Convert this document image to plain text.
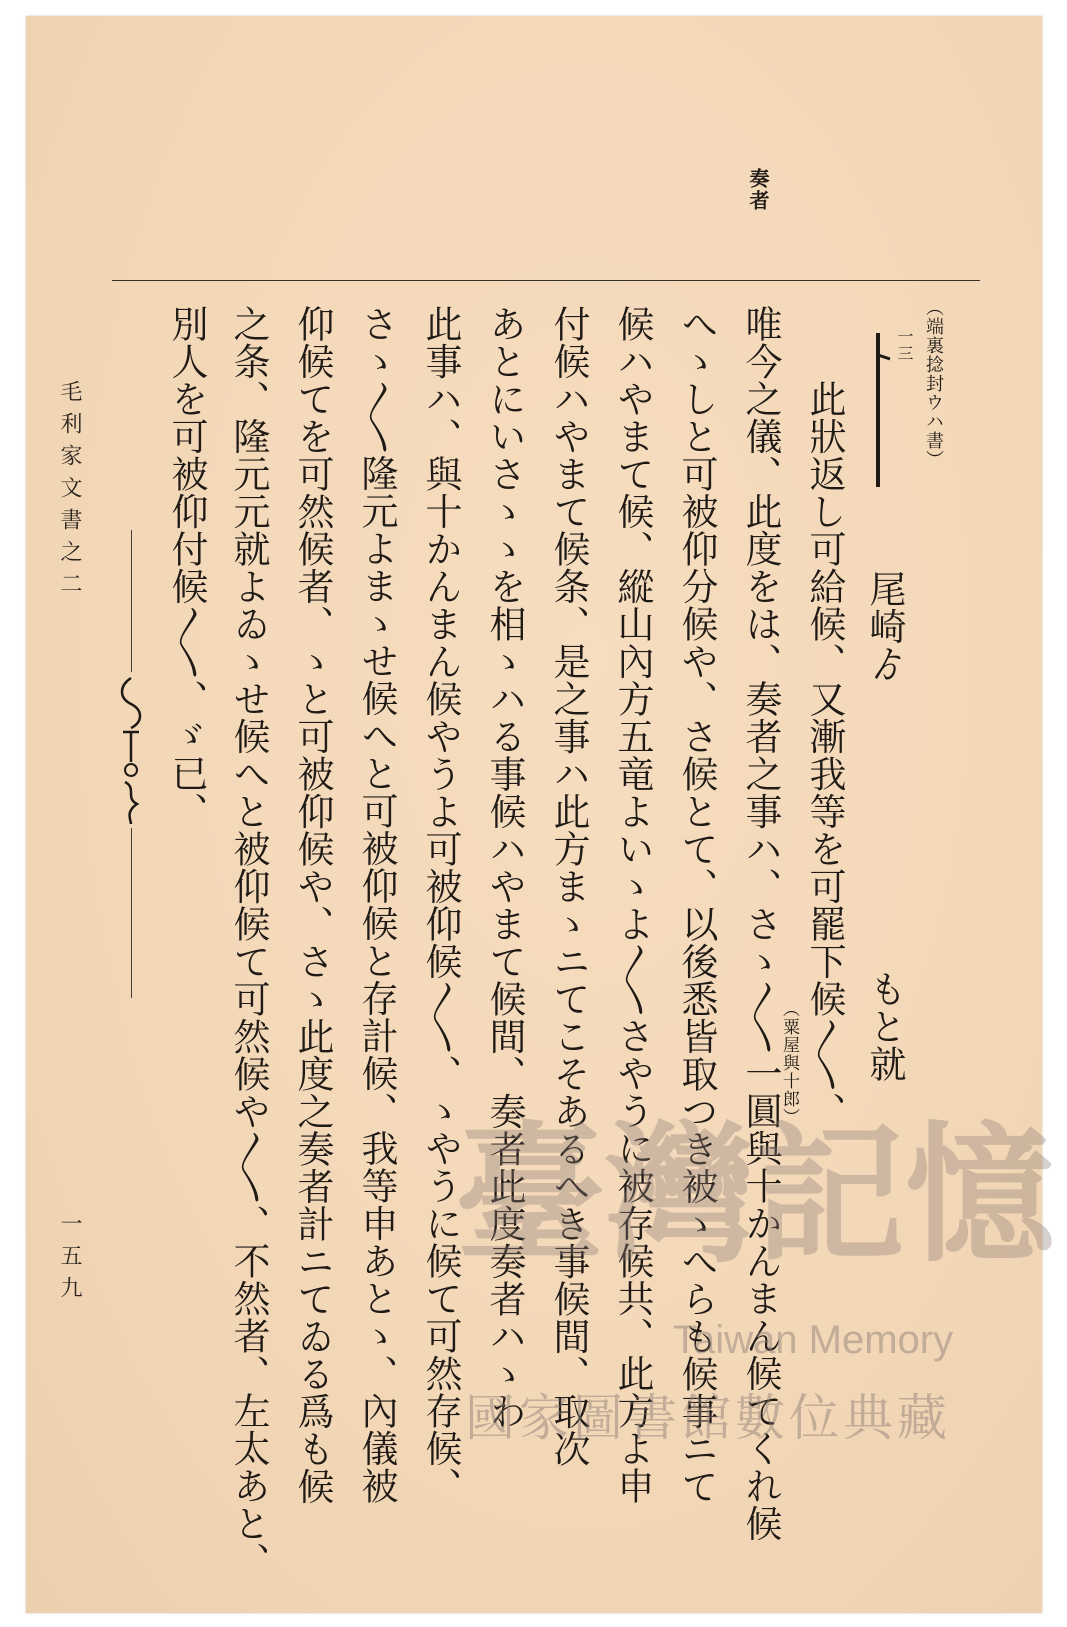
奏者
（端裏捻封ウハ書）
一三
尾崎ゟ
もと就
此狀返し可給候、又漸我等を可罷下候〳〵、
唯今之儀、此度をは、奏者之事ハ、さゝ〳〵一圓與十かんまん候てくれ候
（粟屋與十郎）
へゝしと可被仰分候や、さ候とて、以後悉皆取つき被ゝへらも候事ニて
候ハやまて候、縱山內方五竜よいゝよ〳〵さやうに被存候共、此方よ申
付候ハやまて候条、是之事ハ此方まゝニてこそあるへき事候間、取次
あとにいさゝゝを相ゝハる事候ハやまて候間、奏者此度奏者ハゝわ
此事ハ、與十かんまん候やうよ可被仰候〳〵、ゝやうに候て可然存候、
さゝ〳〵隆元よまゝせ候へと可被仰候と存計候、我等申あとゝ、內儀被
仰候てを可然候者、ゝと可被仰候や、さゝ此度之奏者計ニてゐる爲も候
之条、隆元元就よゐゝせ候へと被仰候て可然候や〳〵、不然者、左太あと、
別人を可被仰付候〳〵、ゞ已、
毛利家文書之二
一五九 臺灣記憶
Taiwan Memory
國家圖書館數位典藏
